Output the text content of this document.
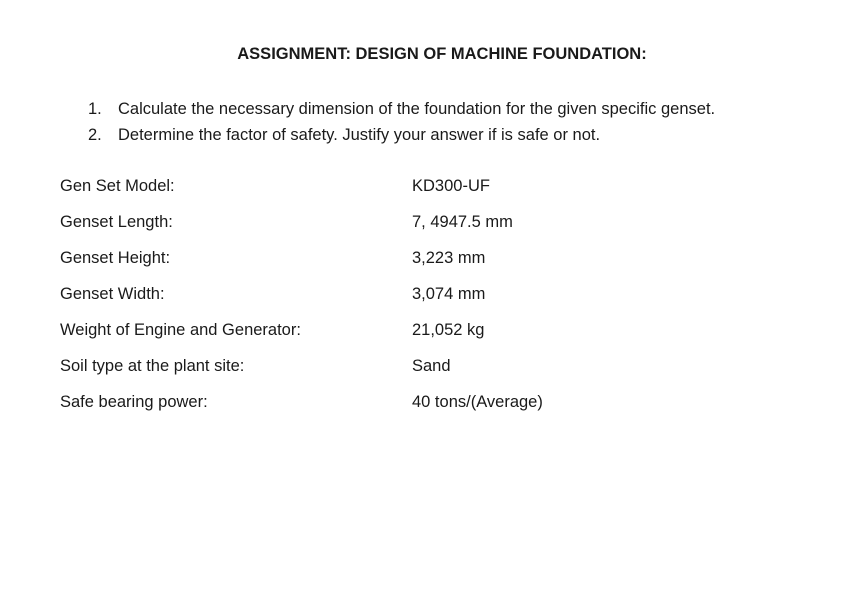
ASSIGNMENT: DESIGN OF MACHINE FOUNDATION:
1. Calculate the necessary dimension of the foundation for the given specific genset.
2. Determine the factor of safety. Justify your answer if is safe or not.
Gen Set Model:	KD300-UF
Genset Length:	7, 4947.5 mm
Genset Height:	3,223 mm
Genset Width:	3,074 mm
Weight of Engine and Generator:	21,052 kg
Soil type at the plant site:	Sand
Safe bearing power:	40 tons/(Average)
